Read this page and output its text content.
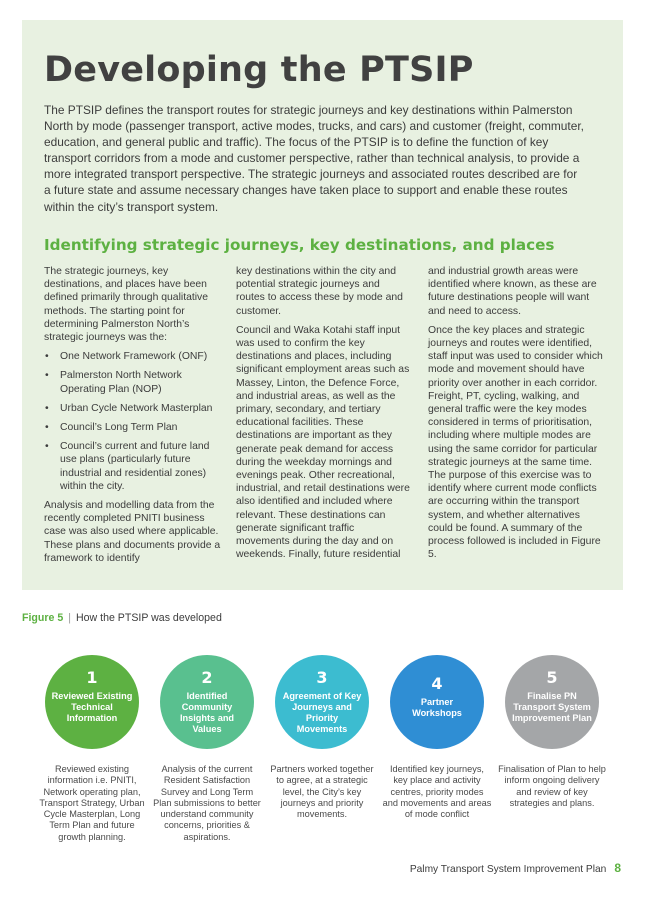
Developing the PTSIP

The PTSIP defines the transport routes for strategic journeys and key destinations within Palmerston North by mode (passenger transport, active modes, trucks, and cars) and customer (freight, commuter, education, and general public and traffic). The focus of the PTSIP is to define the function of key transport corridors from a mode and customer perspective, rather than technical analysis, to provide a more integrated transport perspective. The strategic journeys and associated routes described are for a future state and assume necessary changes have taken place to support and enable these routes within the city’s transport system.

Identifying strategic journeys, key destinations, and places

The strategic journeys, key destinations, and places have been defined primarily through qualitative methods. The starting point for determining Palmerston North’s strategic journeys was the:

• One Network Framework (ONF)
• Palmerston North Network Operating Plan (NOP)
• Urban Cycle Network Masterplan
• Council’s Long Term Plan
• Council’s current and future land use plans (particularly future industrial and residential zones) within the city.

Analysis and modelling data from the recently completed PNITI business case was also used where applicable. These plans and documents provide a framework to identify

key destinations within the city and potential strategic journeys and routes to access these by mode and customer.

Council and Waka Kotahi staff input was used to confirm the key destinations and places, including significant employment areas such as Massey, Linton, the Defence Force, and industrial areas, as well as the primary, secondary, and tertiary educational facilities. These destinations are important as they generate peak demand for access during the weekday mornings and evenings peak. Other recreational, industrial, and retail destinations were also identified and included where relevant. These destinations can generate significant traffic movements during the day and on weekends. Finally, future residential

and industrial growth areas were identified where known, as these are future destinations people will want and need to access.

Once the key places and strategic journeys and routes were identified, staff input was used to consider which mode and movement should have priority over another in each corridor. Freight, PT, cycling, walking, and general traffic were the key modes considered in terms of prioritisation, including where multiple modes are using the same corridor for particular strategic journeys at the same time. The purpose of this exercise was to identify where current mode conflicts are occurring within the transport system, and whether alternatives could be found. A summary of the process followed is included in Figure 5.

Figure 5 | How the PTSIP was developed
1
Reviewed Existing Technical Information
2
Identified Community Insights and Values
3
Agreement of Key Journeys and Priority Movements
4
Partner Workshops
5
Finalise PN Transport System Improvement Plan
Reviewed existing information i.e. PNITI, Network operating plan, Transport Strategy, Urban Cycle Masterplan, Long Term Plan and future growth planning.
Analysis of the current Resident Satisfaction Survey and Long Term Plan submissions to better understand community concerns, priorities & aspirations.
Partners worked together to agree, at a strategic level, the City’s key journeys and priority movements.
Identified key journeys, key place and activity centres, priority modes and movements and areas of mode conflict
Finalisation of Plan to help inform ongoing delivery and review of key strategies and plans.
Palmy Transport System Improvement Plan 8
